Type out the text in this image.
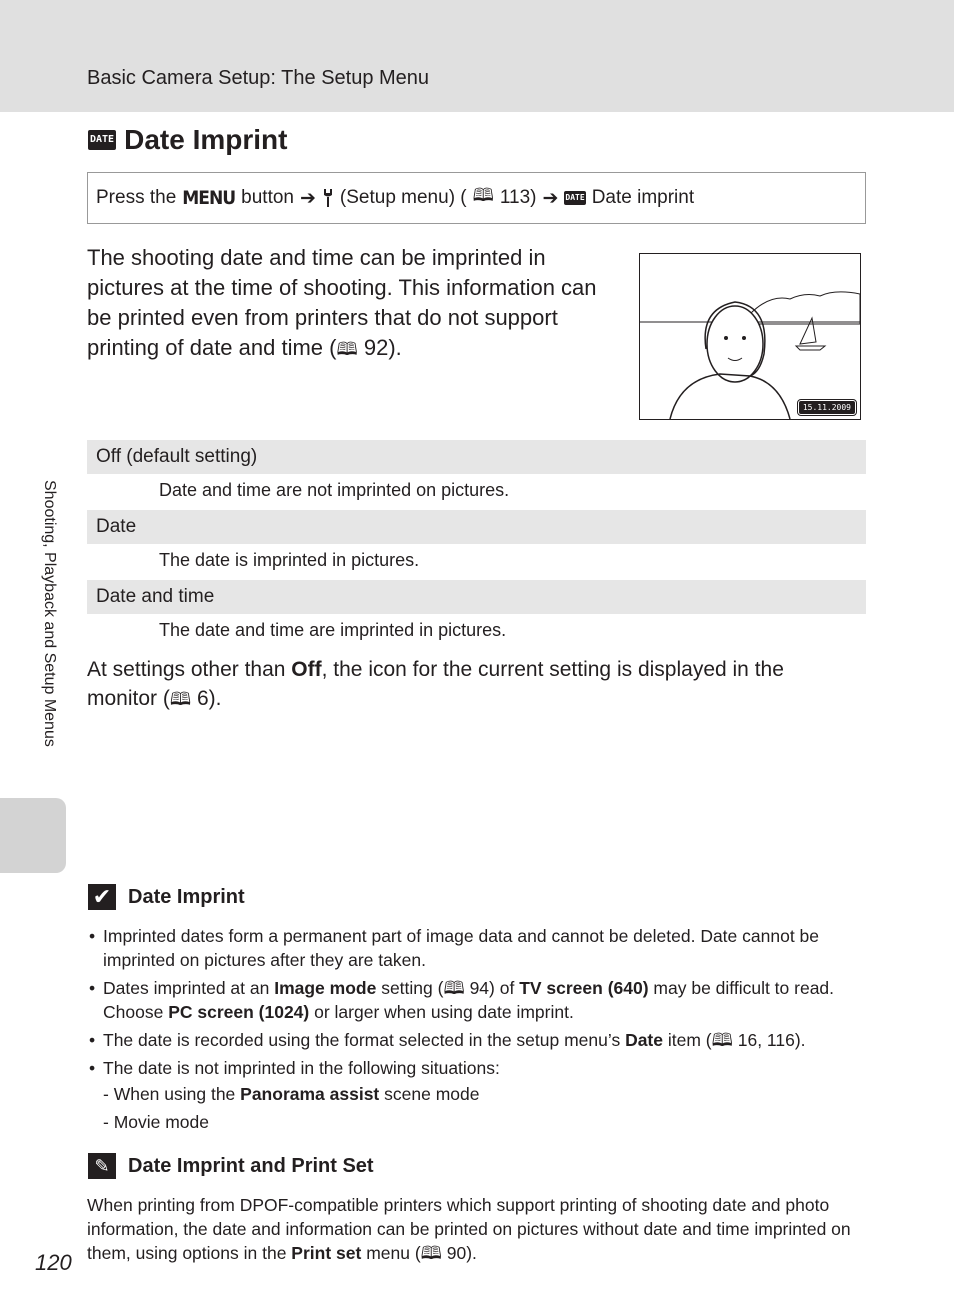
Basic Camera Setup: The Setup Menu
Shooting, Playback and Setup Menus
DATE Date Imprint
Press the MENU button ➔ (Setup menu) ( 🕮 113) ➔ DATE Date imprint
The shooting date and time can be imprinted in pictures at the time of shooting. This information can be printed even from printers that do not support printing of date and time (🕮 92).
15.11.2009
Off (default setting)
Date and time are not imprinted on pictures.
Date
The date is imprinted in pictures.
Date and time
The date and time are imprinted in pictures.
At settings other than Off, the icon for the current setting is displayed in the monitor (🕮 6).
✔ Date Imprint
• Imprinted dates form a permanent part of image data and cannot be deleted. Date cannot be imprinted on pictures after they are taken.
• Dates imprinted at an Image mode setting (🕮 94) of TV screen (640) may be difficult to read. Choose PC screen (1024) or larger when using date imprint.
• The date is recorded using the format selected in the setup menu’s Date item (🕮 16, 116).
• The date is not imprinted in the following situations:
- When using the Panorama assist scene mode
- Movie mode
✎ Date Imprint and Print Set
When printing from DPOF-compatible printers which support printing of shooting date and photo information, the date and information can be printed on pictures without date and time imprinted on them, using options in the Print set menu (🕮 90).
120
